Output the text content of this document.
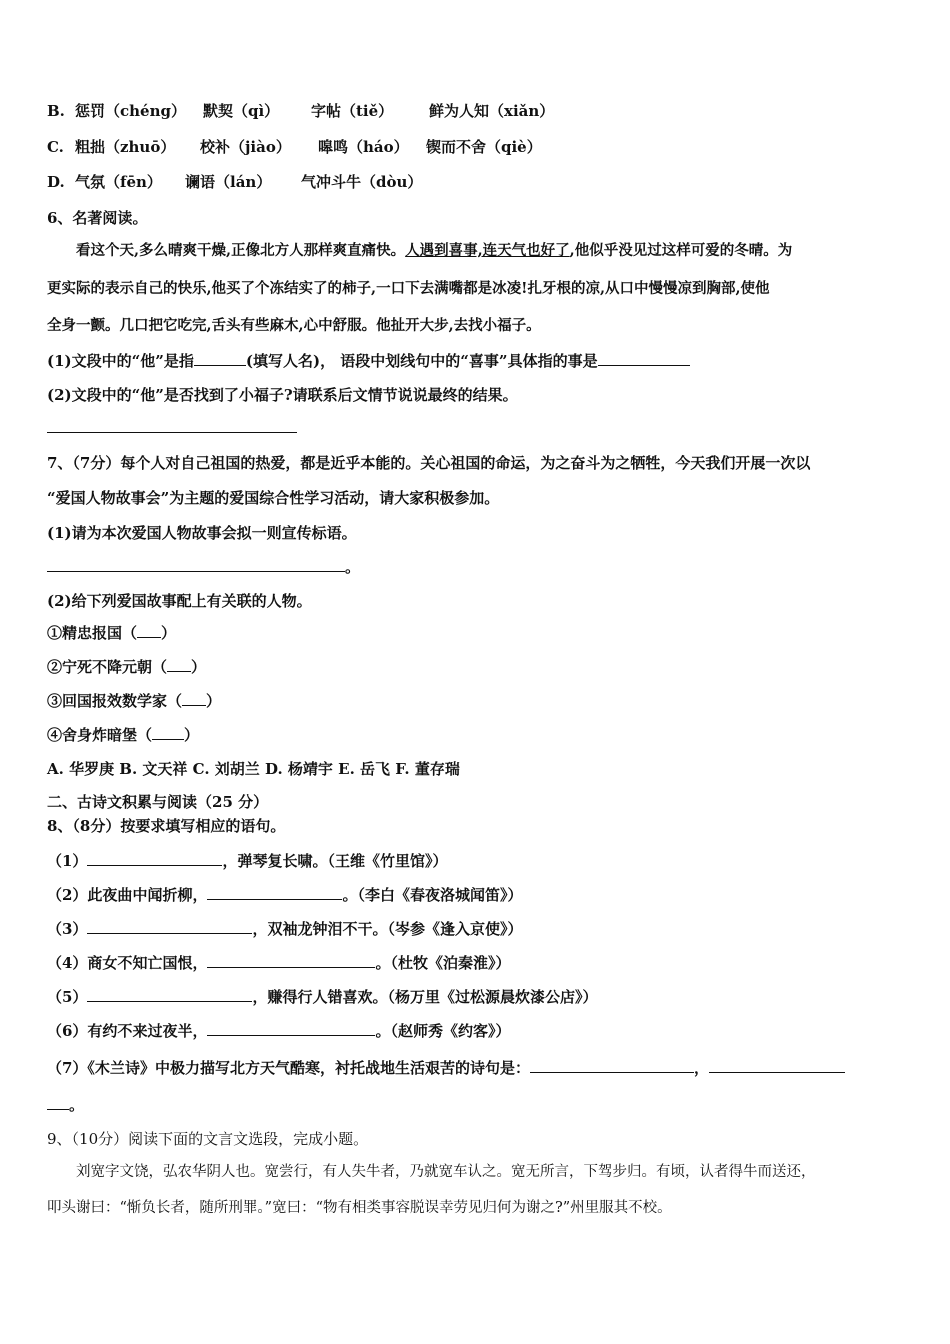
B. 惩罚（chéng） 默契（qì） 字帖（tiě） 鲜为人知（xiǎn）
C. 粗拙（zhuō） 校补（jiào） 嗥鸣（háo） 锲而不舍（qiè）
D. 气氛（fēn） 谰语（lán） 气冲斗牛（dòu）
6、名著阅读。
看这个天,多么晴爽干燥,正像北方人那样爽直痛快。人遇到喜事,连天气也好了,他似乎没见过这样可爱的冬晴。为
更实际的表示自己的快乐,他买了个冻结实了的柿子,一口下去满嘴都是冰凌!扎牙根的凉,从口中慢慢凉到胸部,使他
全身一颤。几口把它吃完,舌头有些麻木,心中舒服。他扯开大步,去找小福子。
(1)文段中的“他”是指	(填写人名)， 语段中划线句中的“喜事”具体指的事是
(2)文段中的“他”是否找到了小福子?请联系后文情节说说最终的结果。
7、（7分）每个人对自己祖国的热爱，都是近乎本能的。关心祖国的命运，为之奋斗为之牺牲，今天我们开展一次以
“爱国人物故事会”为主题的爱国综合性学习活动，请大家积极参加。
(1)请为本次爱国人物故事会拟一则宣传标语。
。
(2)给下列爱国故事配上有关联的人物。
①精忠报国（ ）
②宁死不降元朝（ ）
③回国报效数学家（ ）
④舍身炸暗堡（ ）
A. 华罗庚 B. 文天祥 C. 刘胡兰 D. 杨靖宇 E. 岳飞 F. 董存瑞
二、古诗文积累与阅读（25 分）
8、（8分）按要求填写相应的语句。
（1）	，弹琴复长啸。（王维《竹里馆》）
（2）此夜曲中闻折柳，	。（李白《春夜洛城闻笛》）
（3）	，双袖龙钟泪不干。（岑参《逢入京使》）
（4）商女不知亡国恨，	。（杜牧《泊秦淮》）
（5）	，赚得行人错喜欢。（杨万里《过松源晨炊漆公店》）
（6）有约不来过夜半，	。（赵师秀《约客》）
（7）《木兰诗》中极力描写北方天气酷寒，衬托战地生活艰苦的诗句是：	，
。
9、（10分）阅读下面的文言文选段，完成小题。
刘宽字文饶，弘农华阴人也。宽尝行，有人失牛者，乃就宽车认之。宽无所言，下驾步归。有顷，认者得牛而送还，
叩头谢曰：“惭负长者，随所刑罪。”宽曰：“物有相类事容脱误幸劳见归何为谢之?”州里服其不校。
